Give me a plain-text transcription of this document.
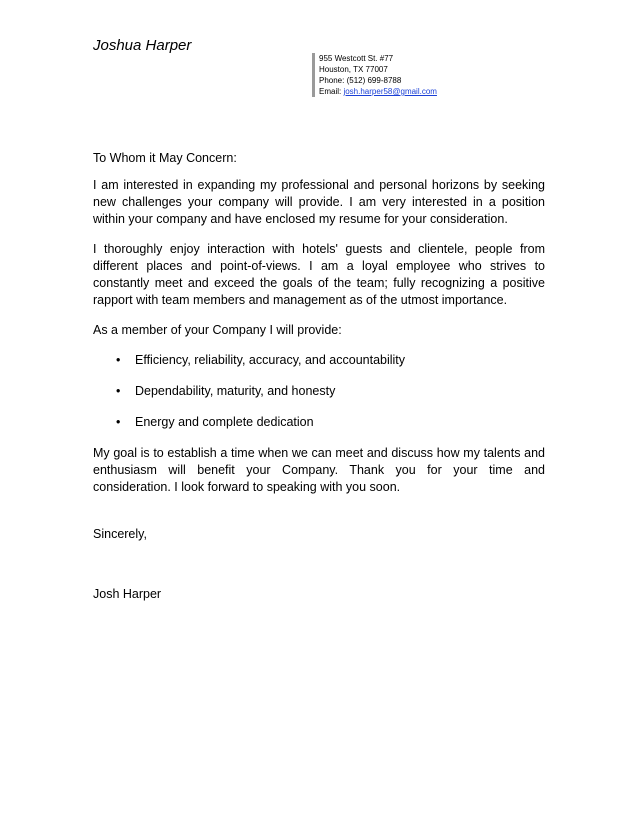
Joshua Harper
955 Westcott St. #77
Houston, TX 77007
Phone: (512) 699-8788
Email: josh.harper58@gmail.com

To Whom it May Concern:

I am interested in expanding my professional and personal horizons by seeking new challenges your company will provide. I am very interested in a position within your company and have enclosed my resume for your consideration.

I thoroughly enjoy interaction with hotels' guests and clientele, people from different places and point-of-views. I am a loyal employee who strives to constantly meet and exceed the goals of the team; fully recognizing a positive rapport with team members and management as of the utmost importance.

As a member of your Company I will provide:

• Efficiency, reliability, accuracy, and accountability
• Dependability, maturity, and honesty
• Energy and complete dedication

My goal is to establish a time when we can meet and discuss how my talents and enthusiasm will benefit your Company. Thank you for your time and consideration. I look forward to speaking with you soon.

Sincerely,

Josh Harper
